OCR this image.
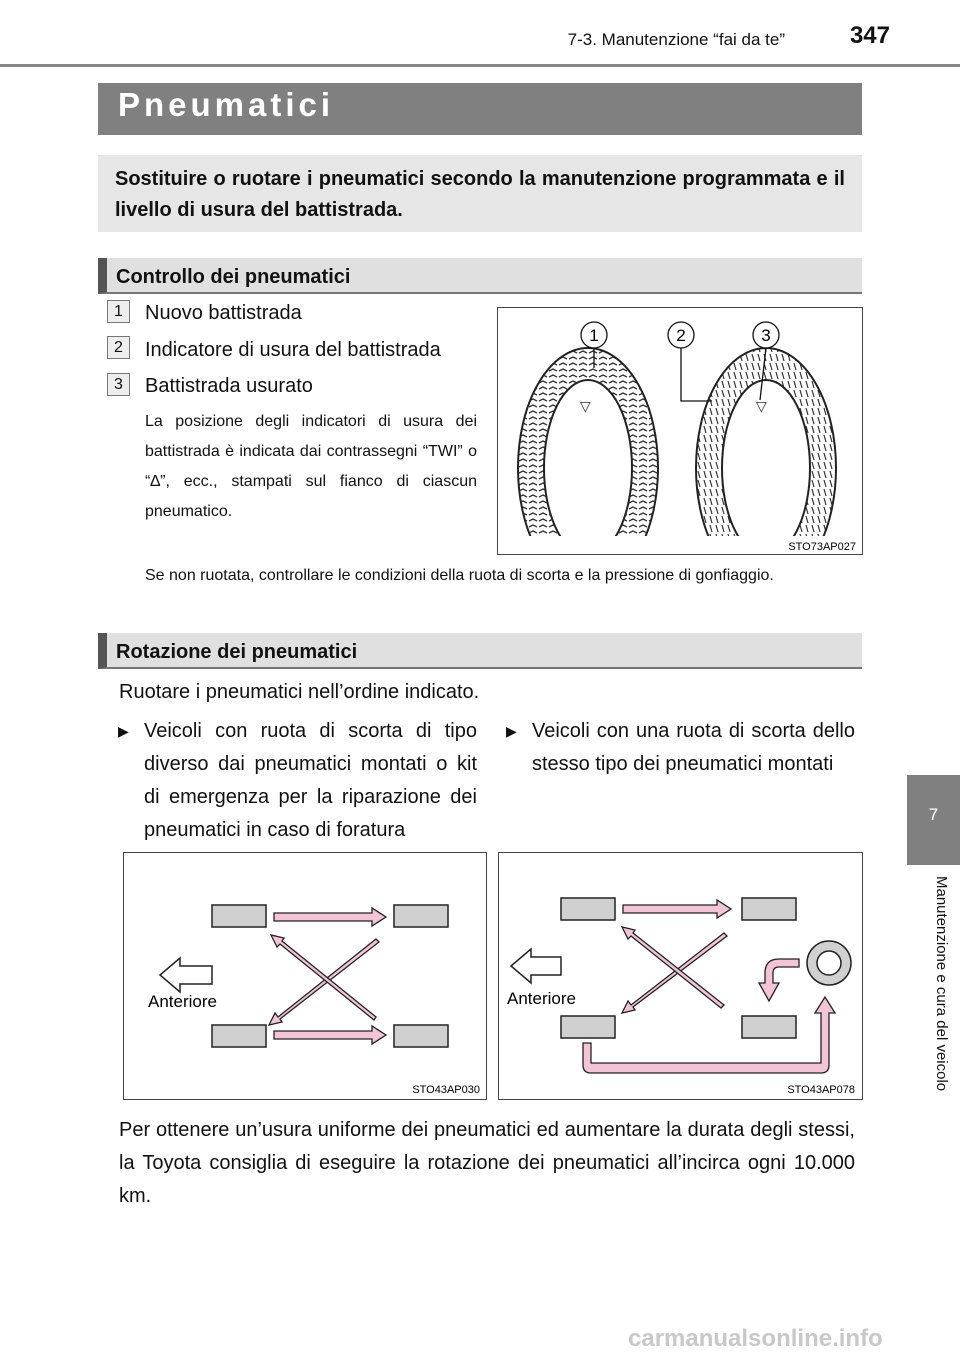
7-3. Manutenzione “fai da te”	347
Pneumatici
Sostituire o ruotare i pneumatici secondo la manutenzione programmata e il livello di usura del battistrada.
Controllo dei pneumatici
1	Nuovo battistrada
2	Indicatore di usura del battistrada
3	Battistrada usurato
La posizione degli indicatori di usura dei battistrada è indicata dai contrassegni “TWI” o “∆”, ecc., stampati sul fianco di ciascun pneumatico.
▽	▽
1	2	3
STO73AP027
Se non ruotata, controllare le condizioni della ruota di scorta e la pressione di gonfiaggio.
Rotazione dei pneumatici
Ruotare i pneumatici nell’ordine indicato.
▶ Veicoli con ruota di scorta di tipo diverso dai pneumatici montati o kit di emergenza per la riparazione dei pneumatici in caso di foratura
▶ Veicoli con una ruota di scorta dello stesso tipo dei pneumatici montati
Anteriore
STO43AP030
Anteriore
STO43AP078
Per ottenere un’usura uniforme dei pneumatici ed aumentare la durata degli stessi, la Toyota consiglia di eseguire la rotazione dei pneumatici all’incirca ogni 10.000 km.
7
Manutenzione e cura del veicolo
carmanualsonline.info
